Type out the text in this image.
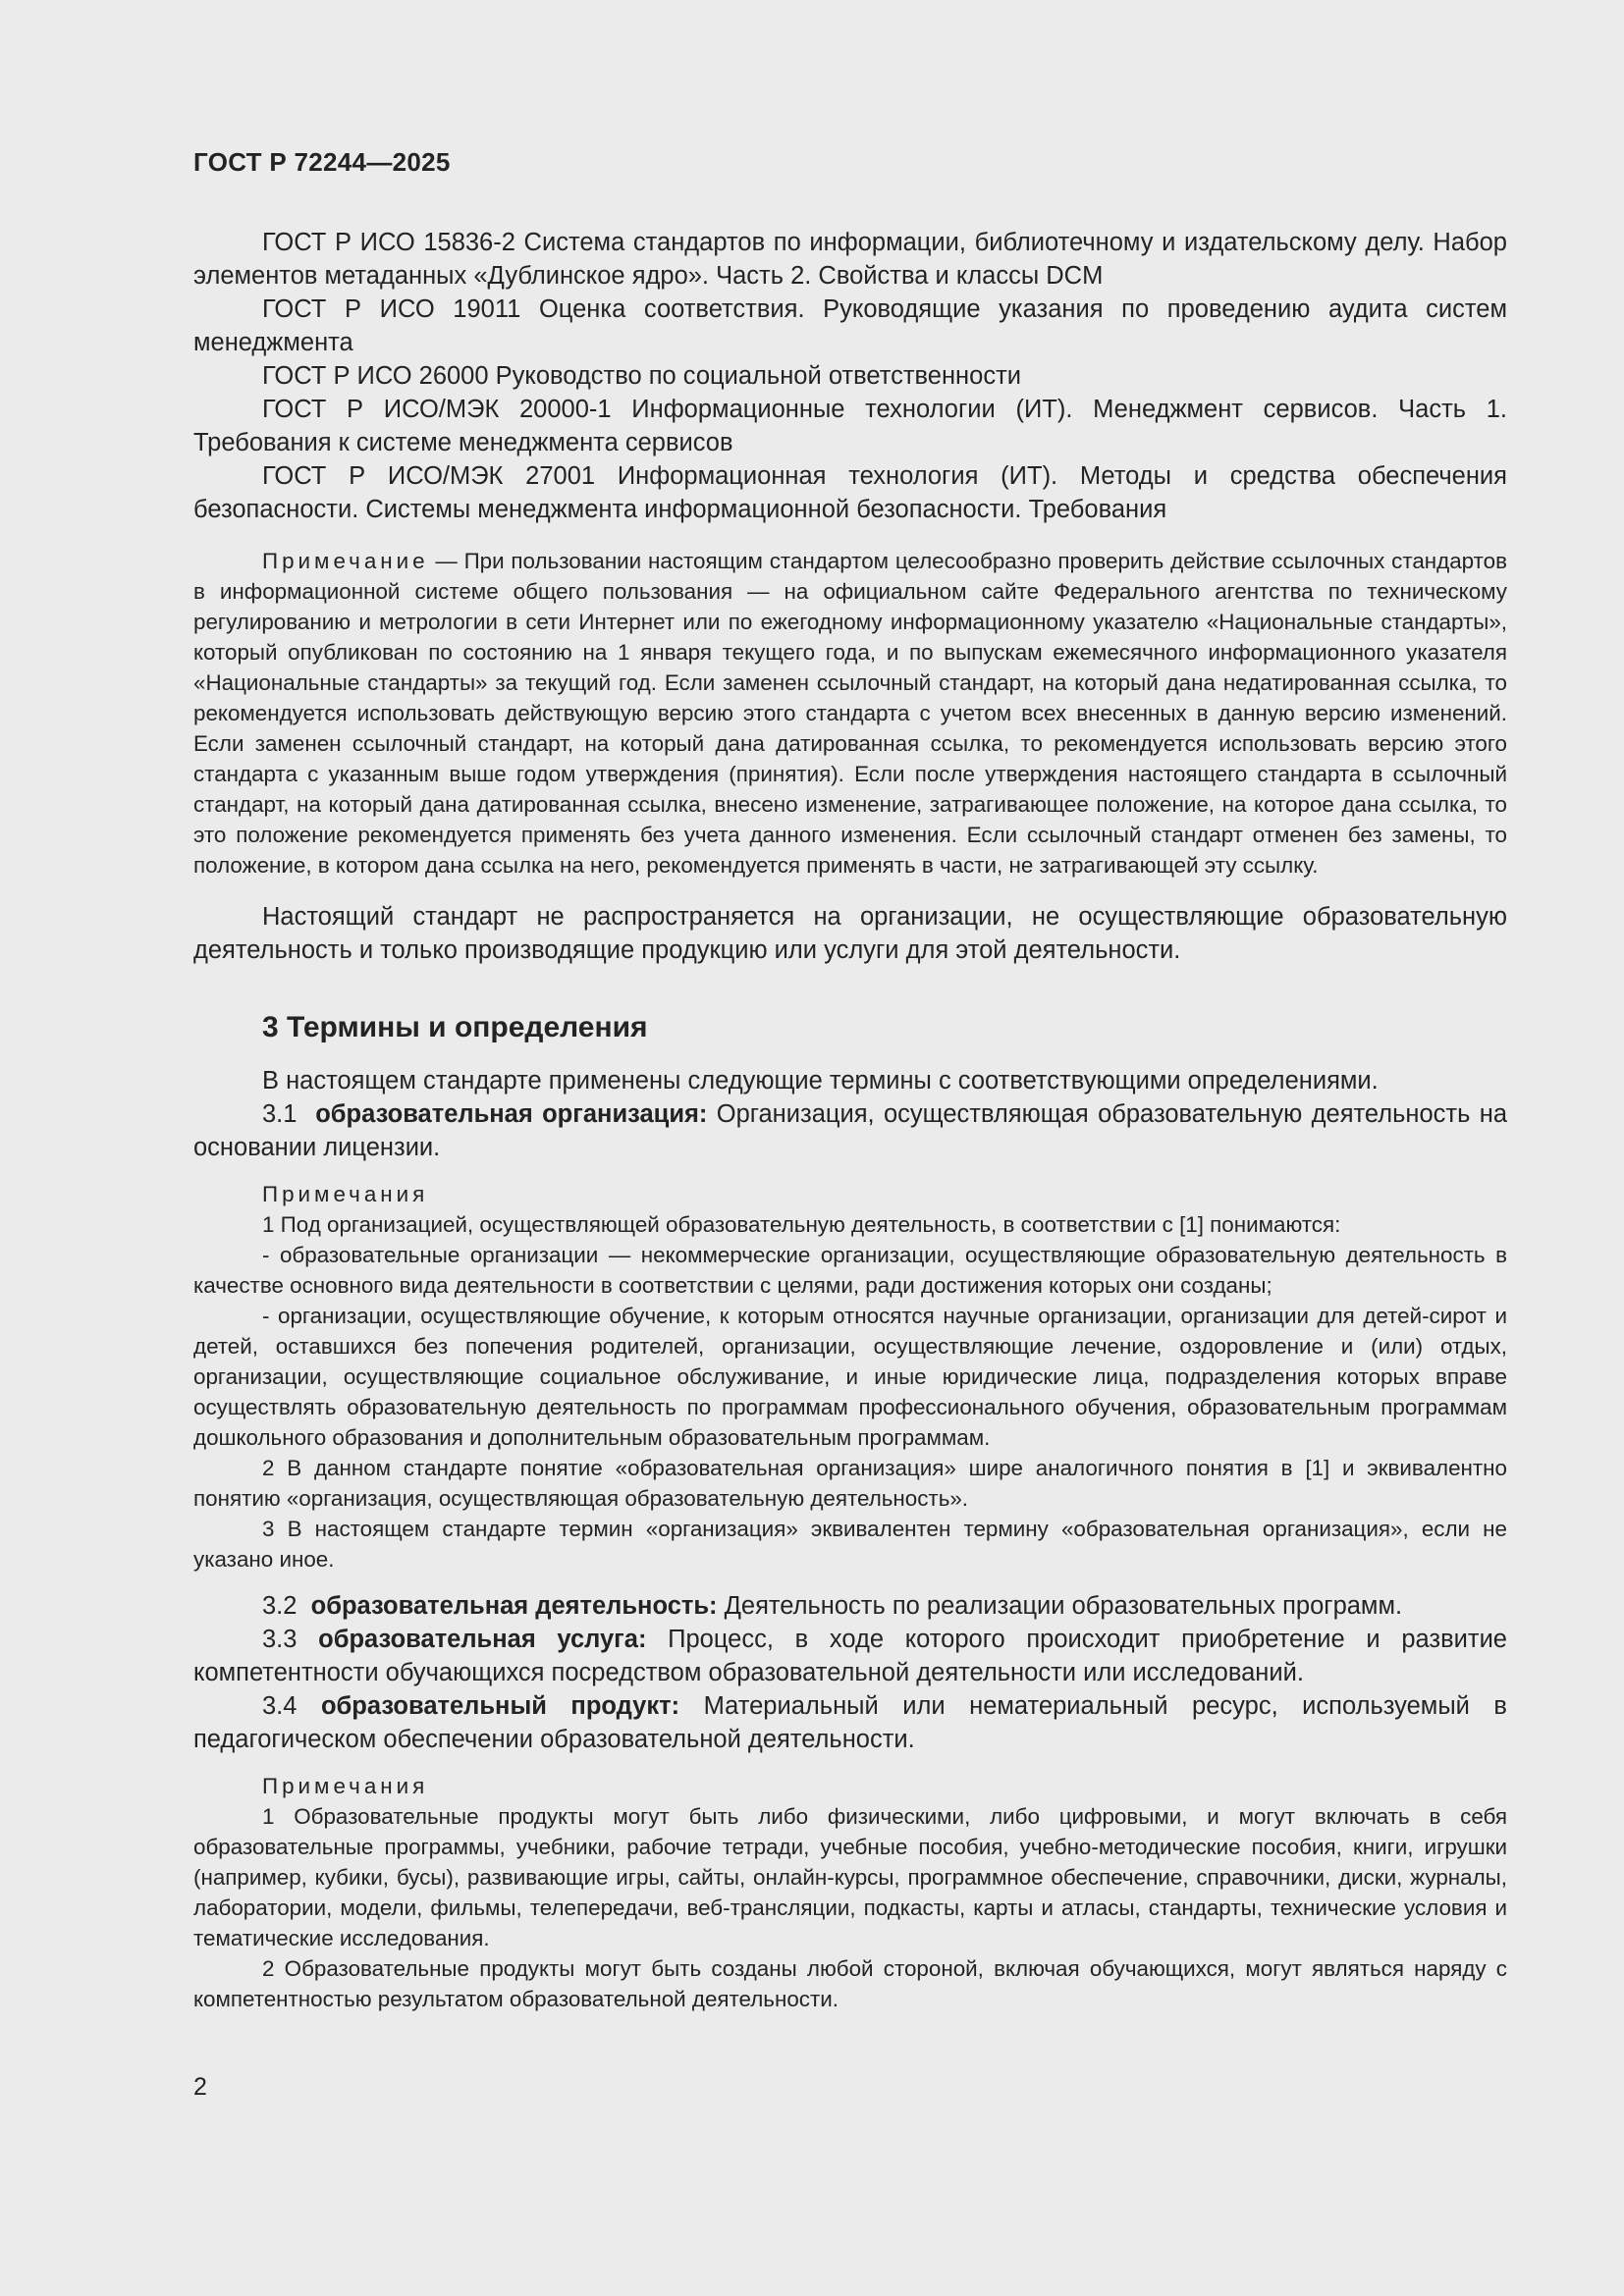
ГОСТ Р 72244—2025

ГОСТ Р ИСО 15836-2 Система стандартов по информации, библиотечному и издательскому делу. Набор элементов метаданных «Дублинское ядро». Часть 2. Свойства и классы DCM

ГОСТ Р ИСО 19011 Оценка соответствия. Руководящие указания по проведению аудита систем менеджмента

ГОСТ Р ИСО 26000 Руководство по социальной ответственности

ГОСТ Р ИСО/МЭК 20000-1 Информационные технологии (ИТ). Менеджмент сервисов. Часть 1. Требования к системе менеджмента сервисов

ГОСТ Р ИСО/МЭК 27001 Информационная технология (ИТ). Методы и средства обеспечения безопасности. Системы менеджмента информационной безопасности. Требования

Примечание — При пользовании настоящим стандартом целесообразно проверить действие ссылочных стандартов в информационной системе общего пользования — на официальном сайте Федерального агентства по техническому регулированию и метрологии в сети Интернет или по ежегодному информационному указателю «Национальные стандарты», который опубликован по состоянию на 1 января текущего года, и по выпускам ежемесячного информационного указателя «Национальные стандарты» за текущий год. Если заменен ссылочный стандарт, на который дана недатированная ссылка, то рекомендуется использовать действующую версию этого стандарта с учетом всех внесенных в данную версию изменений. Если заменен ссылочный стандарт, на который дана датированная ссылка, то рекомендуется использовать версию этого стандарта с указанным выше годом утверждения (принятия). Если после утверждения настоящего стандарта в ссылочный стандарт, на который дана датированная ссылка, внесено изменение, затрагивающее положение, на которое дана ссылка, то это положение рекомендуется применять без учета данного изменения. Если ссылочный стандарт отменен без замены, то положение, в котором дана ссылка на него, рекомендуется применять в части, не затрагивающей эту ссылку.

Настоящий стандарт не распространяется на организации, не осуществляющие образовательную деятельность и только производящие продукцию или услуги для этой деятельности.

3 Термины и определения

В настоящем стандарте применены следующие термины с соответствующими определениями.

3.1 образовательная организация: Организация, осуществляющая образовательную деятельность на основании лицензии.

Примечания

1 Под организацией, осуществляющей образовательную деятельность, в соответствии с [1] понимаются:

- образовательные организации — некоммерческие организации, осуществляющие образовательную деятельность в качестве основного вида деятельности в соответствии с целями, ради достижения которых они созданы;

- организации, осуществляющие обучение, к которым относятся научные организации, организации для детей-сирот и детей, оставшихся без попечения родителей, организации, осуществляющие лечение, оздоровление и (или) отдых, организации, осуществляющие социальное обслуживание, и иные юридические лица, подразделения которых вправе осуществлять образовательную деятельность по программам профессионального обучения, образовательным программам дошкольного образования и дополнительным образовательным программам.

2 В данном стандарте понятие «образовательная организация» шире аналогичного понятия в [1] и эквивалентно понятию «организация, осуществляющая образовательную деятельность».

3 В настоящем стандарте термин «организация» эквивалентен термину «образовательная организация», если не указано иное.

3.2 образовательная деятельность: Деятельность по реализации образовательных программ.

3.3 образовательная услуга: Процесс, в ходе которого происходит приобретение и развитие компетентности обучающихся посредством образовательной деятельности или исследований.

3.4 образовательный продукт: Материальный или нематериальный ресурс, используемый в педагогическом обеспечении образовательной деятельности.

Примечания

1 Образовательные продукты могут быть либо физическими, либо цифровыми, и могут включать в себя образовательные программы, учебники, рабочие тетради, учебные пособия, учебно-методические пособия, книги, игрушки (например, кубики, бусы), развивающие игры, сайты, онлайн-курсы, программное обеспечение, справочники, диски, журналы, лаборатории, модели, фильмы, телепередачи, веб-трансляции, подкасты, карты и атласы, стандарты, технические условия и тематические исследования.

2 Образовательные продукты могут быть созданы любой стороной, включая обучающихся, могут являться наряду с компетентностью результатом образовательной деятельности.

2
